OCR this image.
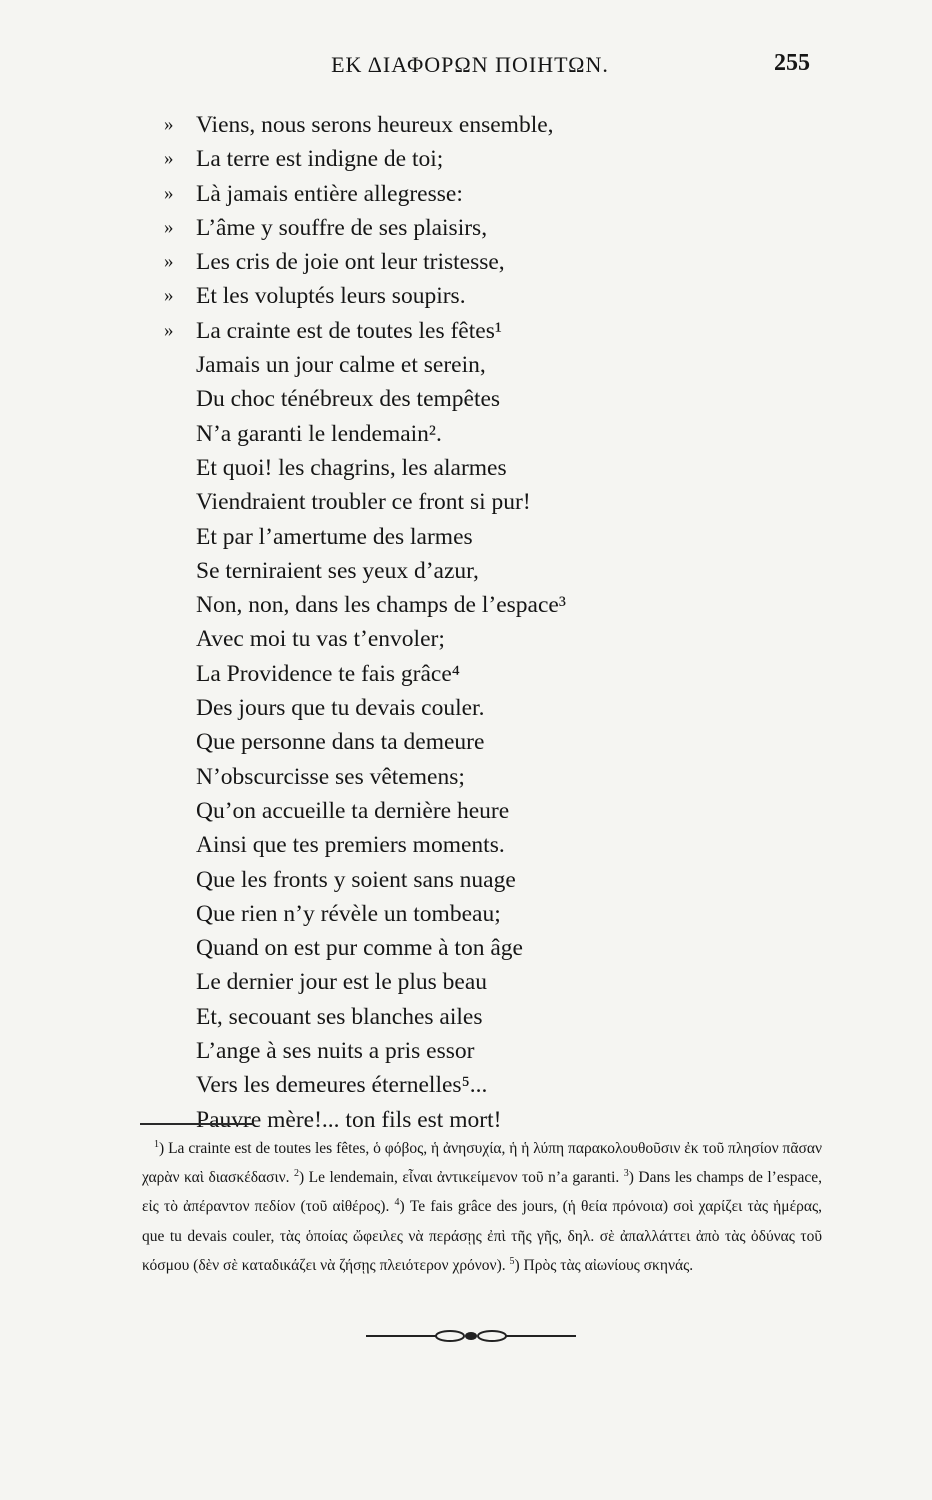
ΕΚ ΔΙΑΦΟΡΩΝ ΠΟΙΗΤΩΝ.	255
» Viens, nous serons heureux ensemble,
» La terre est indigne de toi;
» Là jamais entière allegresse:
» L’âme y souffre de ses plaisirs,
» Les cris de joie ont leur tristesse,
» Et les voluptés leurs soupirs.
» La crainte est de toutes les fêtes¹
Jamais un jour calme et serein,
Du choc ténébreux des tempêtes
N’a garanti le lendemain².
Et quoi! les chagrins, les alarmes
Viendraient troubler ce front si pur!
Et par l’amertume des larmes
Se terniraient ses yeux d’azur,
Non, non, dans les champs de l’espace³
Avec moi tu vas t’envoler;
La Providence te fais grâce⁴
Des jours que tu devais couler.
Que personne dans ta demeure
N’obscurcisse ses vêtemens;
Qu’on accueille ta dernière heure
Ainsi que tes premiers moments.
Que les fronts y soient sans nuage
Que rien n’y révèle un tombeau;
Quand on est pur comme à ton âge
Le dernier jour est le plus beau
Et, secouant ses blanches ailes
L’ange à ses nuits a pris essor
Vers les demeures éternelles⁵...
Pauvre mère!... ton fils est mort!
$^1$) La crainte est de toutes les fêtes, ὁ φόβος, ἡ ἀνησυχία, ἡ ἡ λύπη παρακολουθοῦσιν ἐκ τοῦ πλησίον πᾶσαν χαρὰν καὶ διασκέδασιν. $^2$) Le lendemain, εἶναι ἀντικείμενον τοῦ n’a garanti. $^3$) Dans les champs de l’espace, εἰς τὸ ἀπέραντον πεδίον (τοῦ αἰθέρος). $^4$) Te fais grâce des jours, (ἡ θεία πρόνοια) σοὶ χαρίζει τὰς ἡμέρας, que tu devais couler, τὰς ὁποίας ὤφειλες νὰ περάσῃς ἐπὶ τῆς γῆς, δηλ. σὲ ἀπαλλάττει ἀπὸ τὰς ὀδύνας τοῦ κόσμου (δὲν σὲ καταδικάζει νὰ ζήσῃς πλειότερον χρόνον). $^5$) Πρὸς τὰς αἰωνίους σκηνάς.
